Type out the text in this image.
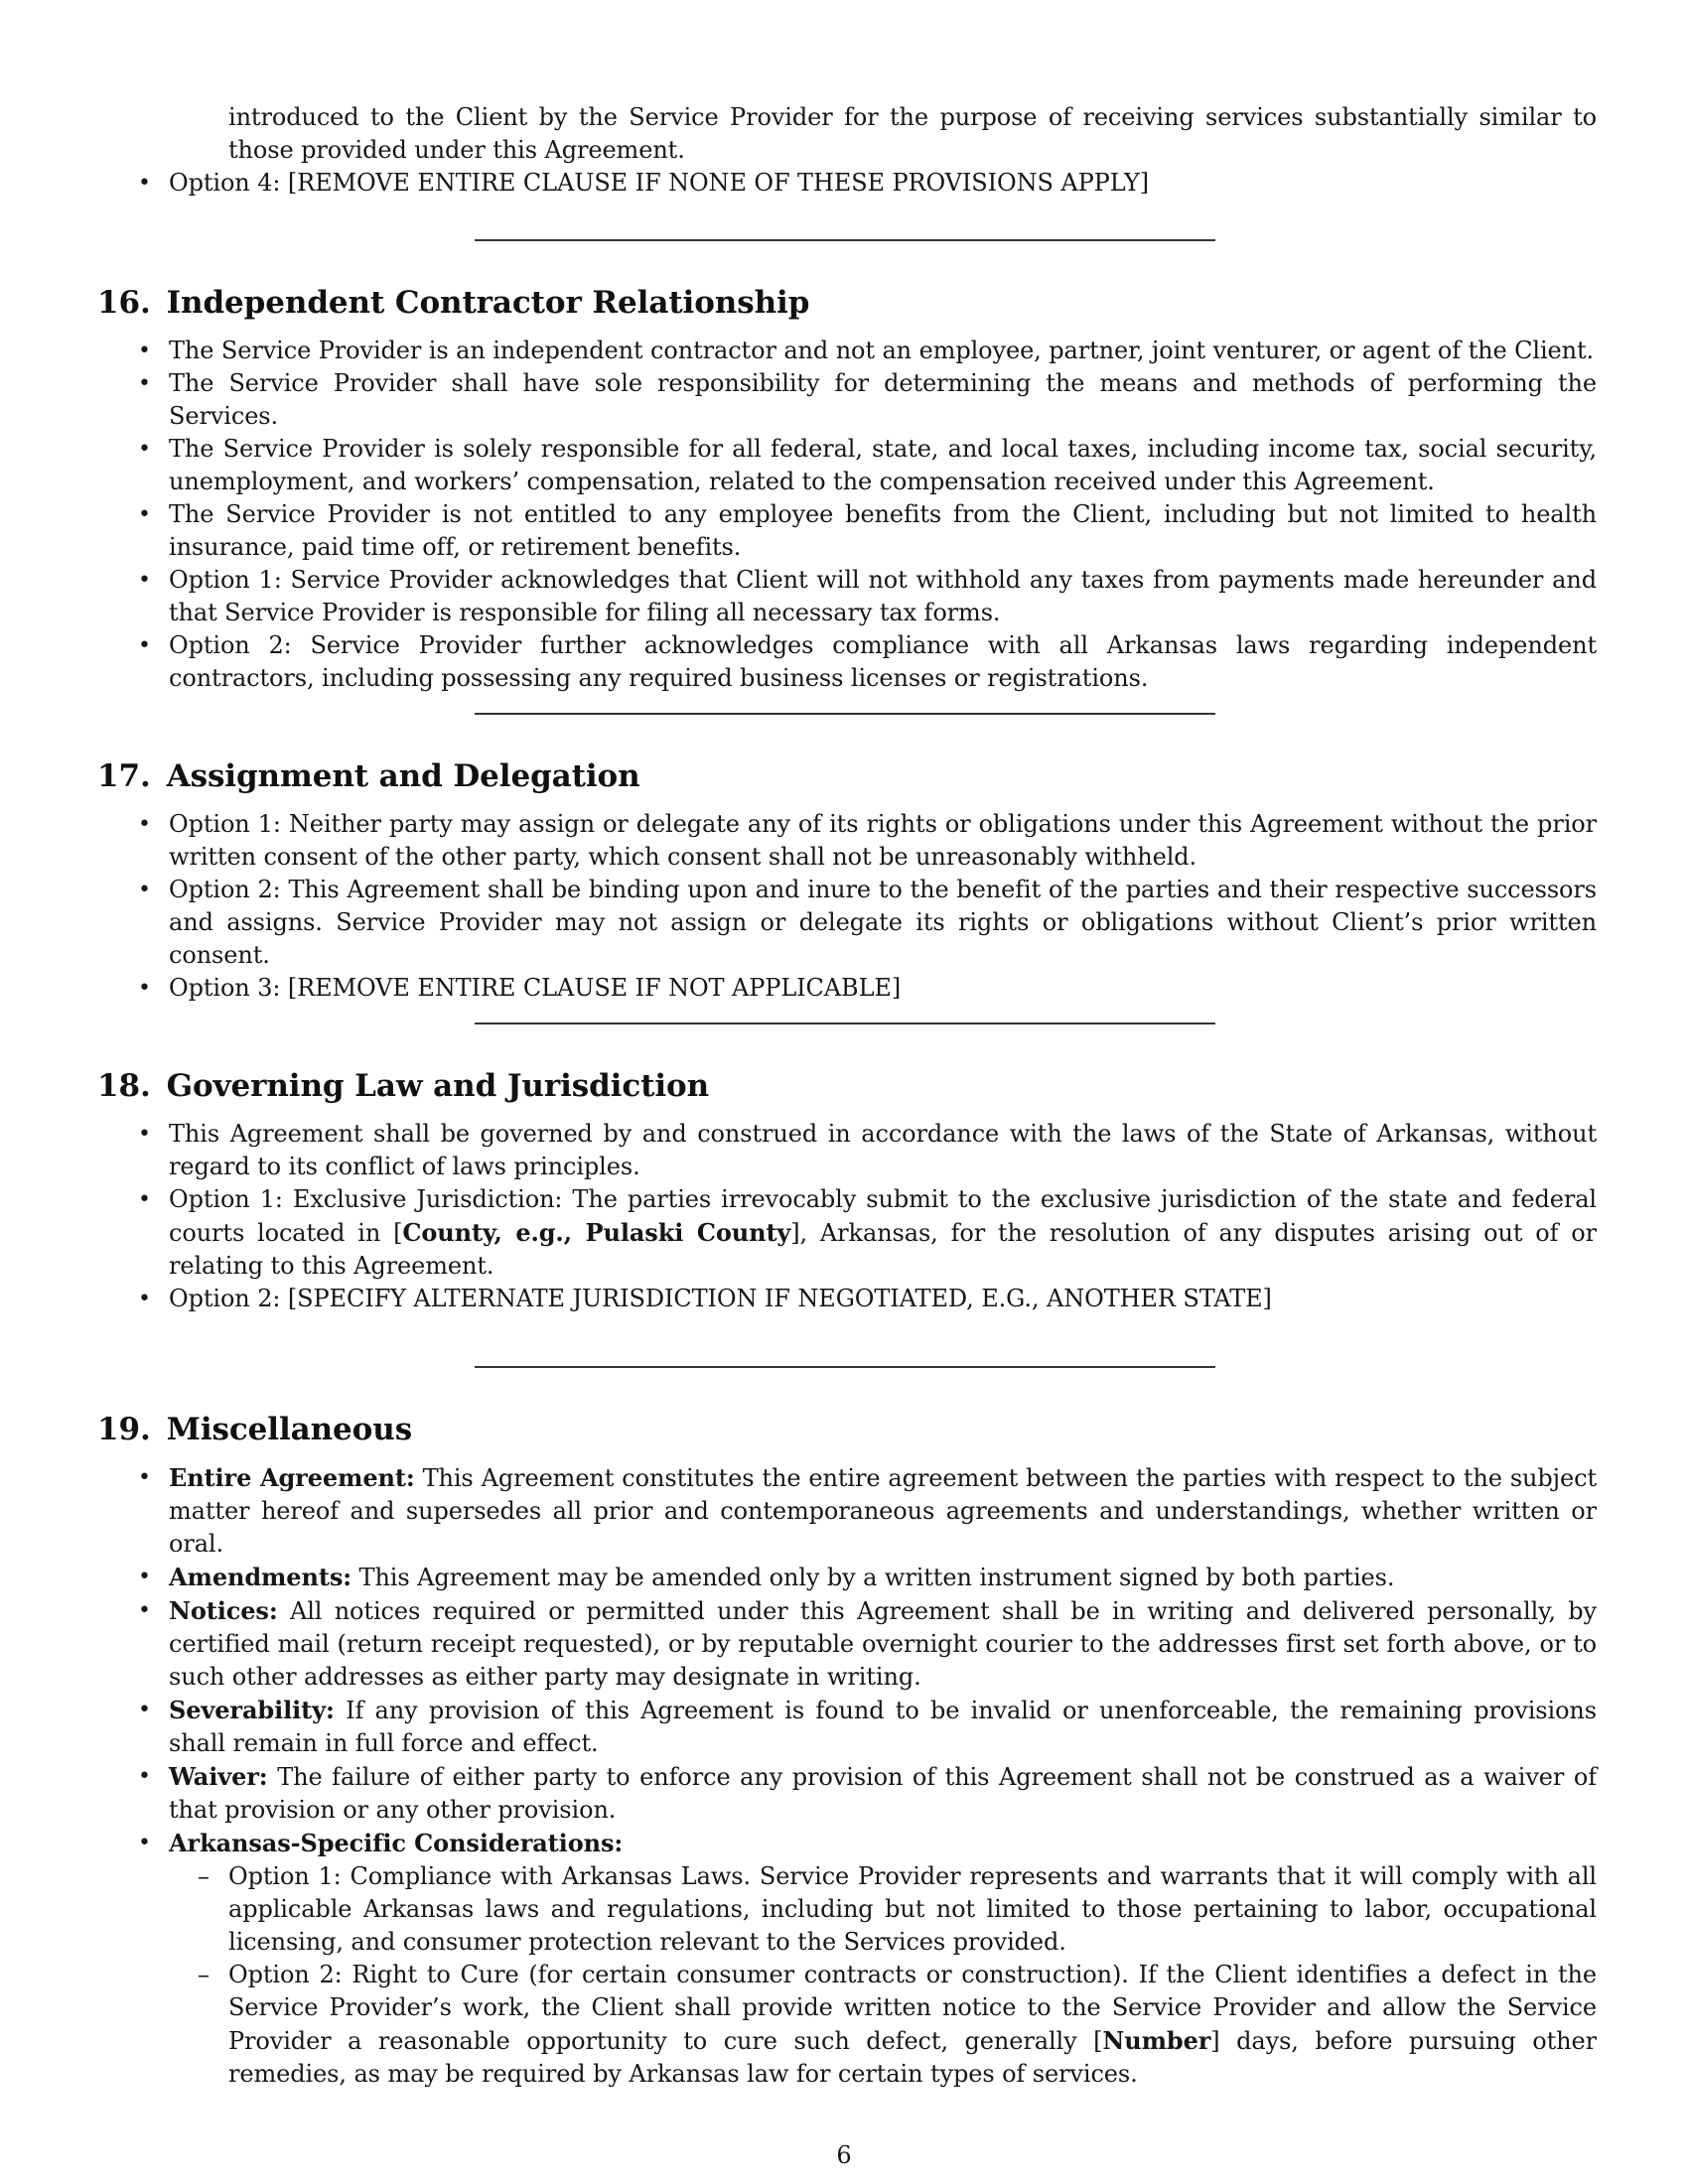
introduced to the Client by the Service Provider for the purpose of receiving services substantially similar to those provided under this Agreement.
• Option 4: [REMOVE ENTIRE CLAUSE IF NONE OF THESE PROVISIONS APPLY]
16. Independent Contractor Relationship
• The Service Provider is an independent contractor and not an employee, partner, joint venturer, or agent of the Client.
• The Service Provider shall have sole responsibility for determining the means and methods of performing the Services.
• The Service Provider is solely responsible for all federal, state, and local taxes, including income tax, social security, unemployment, and workers’ compensation, related to the compensation received under this Agreement.
• The Service Provider is not entitled to any employee benefits from the Client, including but not limited to health insurance, paid time off, or retirement benefits.
• Option 1: Service Provider acknowledges that Client will not withhold any taxes from payments made hereunder and that Service Provider is responsible for filing all necessary tax forms.
• Option 2: Service Provider further acknowledges compliance with all Arkansas laws regarding independent contractors, including possessing any required business licenses or registrations.
17. Assignment and Delegation
• Option 1: Neither party may assign or delegate any of its rights or obligations under this Agreement without the prior written consent of the other party, which consent shall not be unreasonably withheld.
• Option 2: This Agreement shall be binding upon and inure to the benefit of the parties and their respective successors and assigns. Service Provider may not assign or delegate its rights or obligations without Client’s prior written consent.
• Option 3: [REMOVE ENTIRE CLAUSE IF NOT APPLICABLE]
18. Governing Law and Jurisdiction
• This Agreement shall be governed by and construed in accordance with the laws of the State of Arkansas, without regard to its conflict of laws principles.
• Option 1: Exclusive Jurisdiction: The parties irrevocably submit to the exclusive jurisdiction of the state and federal courts located in [County, e.g., Pulaski County], Arkansas, for the resolution of any disputes arising out of or relating to this Agreement.
• Option 2: [SPECIFY ALTERNATE JURISDICTION IF NEGOTIATED, E.G., ANOTHER STATE]
19. Miscellaneous
• Entire Agreement: This Agreement constitutes the entire agreement between the parties with respect to the subject matter hereof and supersedes all prior and contemporaneous agreements and understandings, whether written or oral.
• Amendments: This Agreement may be amended only by a written instrument signed by both parties.
• Notices: All notices required or permitted under this Agreement shall be in writing and delivered personally, by certified mail (return receipt requested), or by reputable overnight courier to the addresses first set forth above, or to such other addresses as either party may designate in writing.
• Severability: If any provision of this Agreement is found to be invalid or unenforceable, the remaining provisions shall remain in full force and effect.
• Waiver: The failure of either party to enforce any provision of this Agreement shall not be construed as a waiver of that provision or any other provision.
• Arkansas-Specific Considerations:
– Option 1: Compliance with Arkansas Laws. Service Provider represents and warrants that it will comply with all applicable Arkansas laws and regulations, including but not limited to those pertaining to labor, occupational licensing, and consumer protection relevant to the Services provided.
– Option 2: Right to Cure (for certain consumer contracts or construction). If the Client identifies a defect in the Service Provider’s work, the Client shall provide written notice to the Service Provider and allow the Service Provider a reasonable opportunity to cure such defect, generally [Number] days, before pursuing other remedies, as may be required by Arkansas law for certain types of services.
6
